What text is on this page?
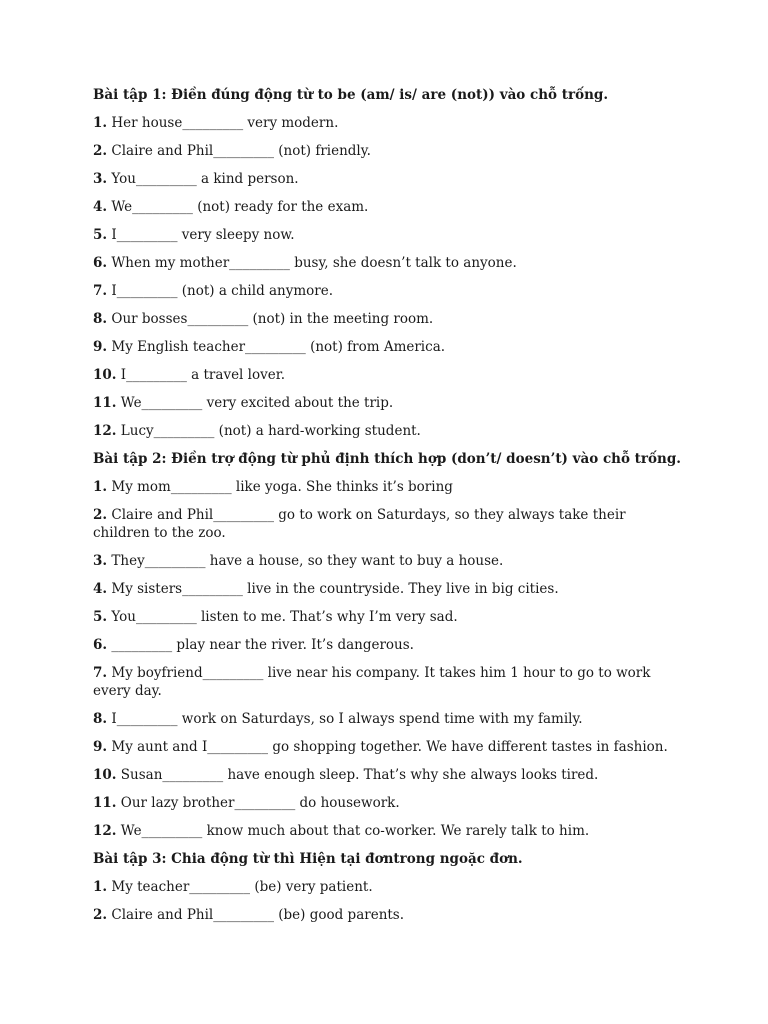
Bài tập 1: Điền đúng động từ to be (am/ is/ are (not)) vào chỗ trống.
1. Her house_________ very modern.
2. Claire and Phil_________ (not) friendly.
3. You_________ a kind person.
4. We_________ (not) ready for the exam.
5. I_________ very sleepy now.
6. When my mother_________ busy, she doesn’t talk to anyone.
7. I_________ (not) a child anymore.
8. Our bosses_________ (not) in the meeting room.
9. My English teacher_________ (not) from America.
10. I_________ a travel lover.
11. We_________ very excited about the trip.
12. Lucy_________ (not) a hard-working student.
Bài tập 2: Điền trợ động từ phủ định thích hợp (don’t/ doesn’t) vào chỗ trống.
1. My mom_________ like yoga. She thinks it’s boring
2. Claire and Phil_________ go to work on Saturdays, so they always take their children to the zoo.
3. They_________ have a house, so they want to buy a house.
4. My sisters_________ live in the countryside. They live in big cities.
5. You_________ listen to me. That’s why I’m very sad.
6. _________ play near the river. It’s dangerous.
7. My boyfriend_________ live near his company. It takes him 1 hour to go to work every day.
8. I_________ work on Saturdays, so I always spend time with my family.
9. My aunt and I_________ go shopping together. We have different tastes in fashion.
10. Susan_________ have enough sleep. That’s why she always looks tired.
11. Our lazy brother_________ do housework.
12. We_________ know much about that co-worker. We rarely talk to him.
Bài tập 3: Chia động từ thì Hiện tại đơntrong ngoặc đơn.
1. My teacher_________ (be) very patient.
2. Claire and Phil_________ (be) good parents.
